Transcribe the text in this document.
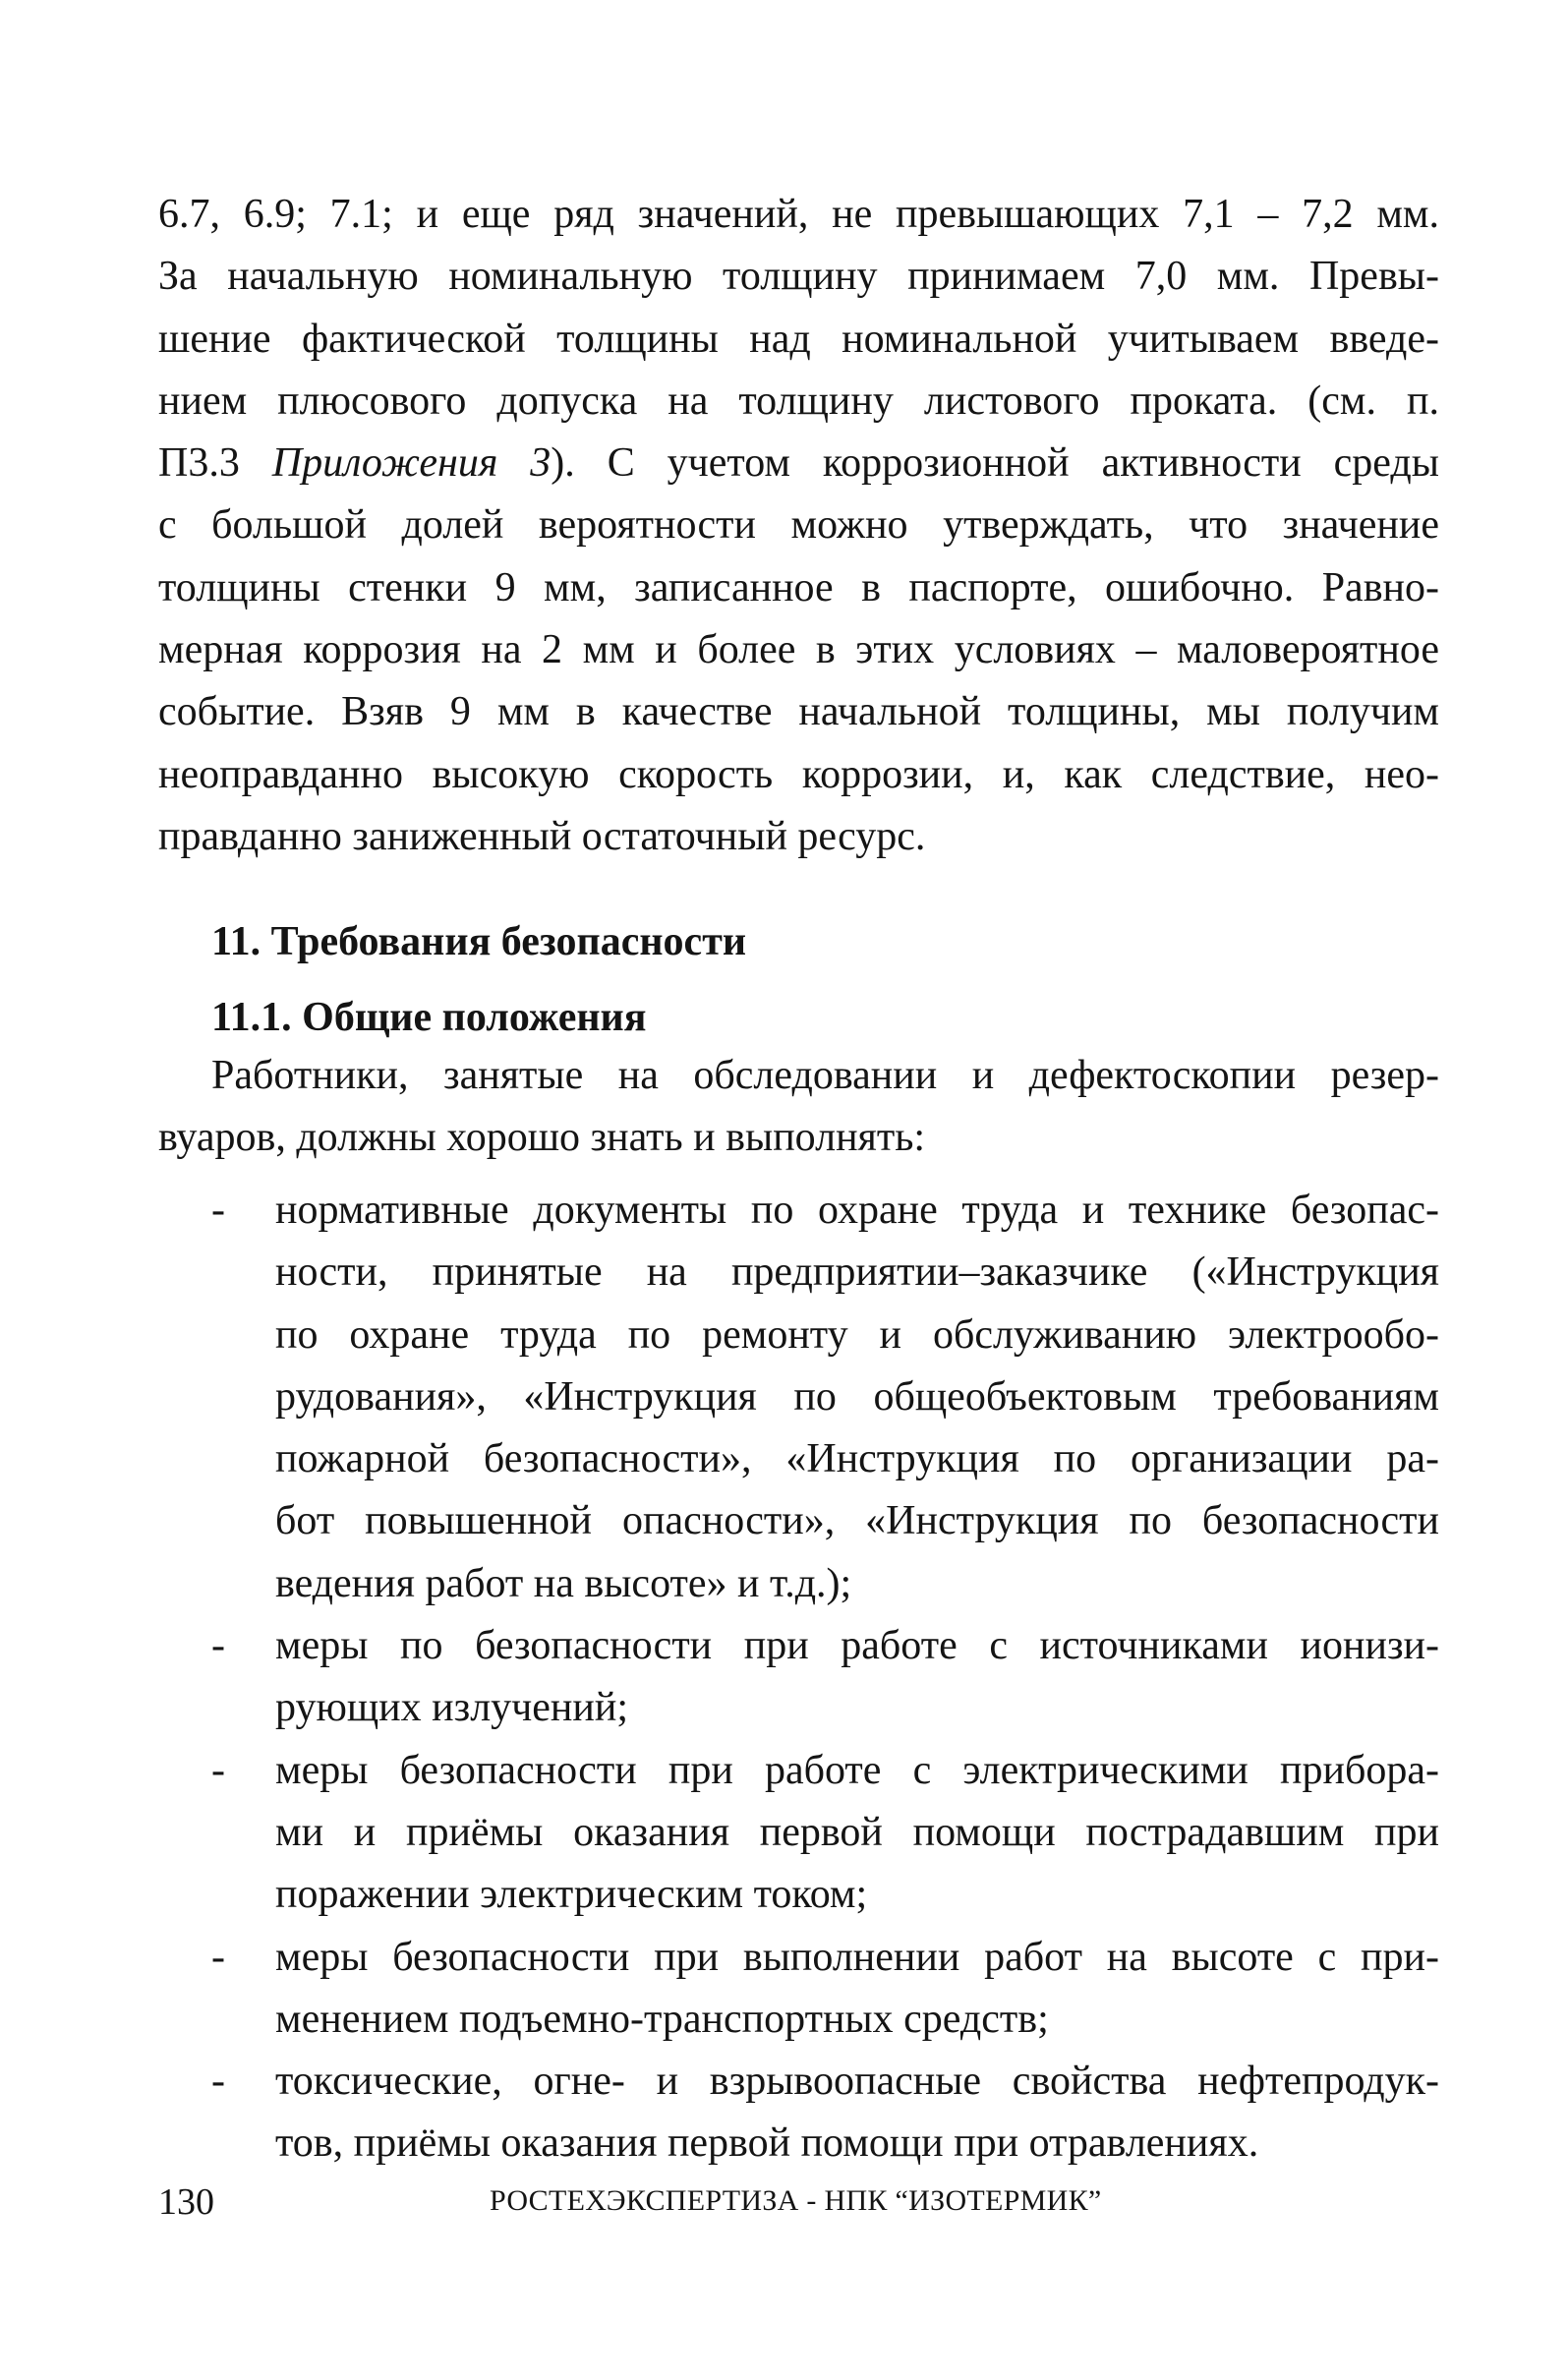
6.7, 6.9; 7.1; и еще ряд значений, не превышающих 7,1 – 7,2 мм.
За начальную номинальную толщину принимаем 7,0 мм. Превы-
шение фактической толщины над номинальной учитываем введе-
нием плюсового допуска на толщину листового проката. (см. п.
П3.3 Приложения 3). С учетом коррозионной активности среды
с большой долей вероятности можно утверждать, что значение
толщины стенки 9 мм, записанное в паспорте, ошибочно. Равно-
мерная коррозия на 2 мм и более в этих условиях – маловероятное
событие. Взяв 9 мм в качестве начальной толщины, мы получим
неоправданно высокую скорость коррозии, и, как следствие, нео-
правданно заниженный остаточный ресурс.
11. Требования безопасности
11.1. Общие положения
Работники, занятые на обследовании и дефектоскопии резер-
вуаров, должны хорошо знать и выполнять:
- нормативные документы по охране труда и технике безопас-
ности, принятые на предприятии–заказчике («Инструкция
по охране труда по ремонту и обслуживанию электрообо-
рудования», «Инструкция по общеобъектовым требованиям
пожарной безопасности», «Инструкция по организации ра-
бот повышенной опасности», «Инструкция по безопасности
ведения работ на высоте» и т.д.);
- меры по безопасности при работе с источниками ионизи-
рующих излучений;
- меры безопасности при работе с электрическими прибора-
ми и приёмы оказания первой помощи пострадавшим при
поражении электрическим током;
- меры безопасности при выполнении работ на высоте с при-
менением подъемно-транспортных средств;
- токсические, огне- и взрывоопасные свойства нефтепродук-
тов, приёмы оказания первой помощи при отравлениях.
130	РОСТЕХЭКСПЕРТИЗА - НПК “ИЗОТЕРМИК”
